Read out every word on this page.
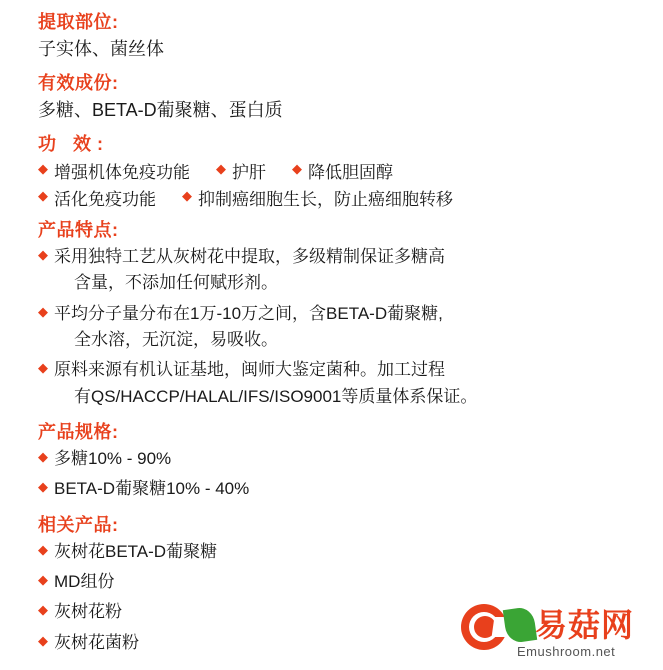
提取部位:
子实体、菌丝体
有效成份:
多糖、BETA-D葡聚糖、蛋白质
功 效:
◆ 增强机体免疫功能 ◆ 护肝 ◆ 降低胆固醇
◆ 活化免疫功能 ◆ 抑制癌细胞生长，防止癌细胞转移
产品特点:
◆ 采用独特工艺从灰树花中提取，多级精制保证多糖高
含量，不添加任何赋形剂。
◆ 平均分子量分布在1万-10万之间，含BETA-D葡聚糖,
全水溶，无沉淀，易吸收。
◆ 原料来源有机认证基地，闽师大鉴定菌种。加工过程
有QS/HACCP/HALAL/IFS/ISO9001等质量体系保证。
产品规格:
◆ 多糖10% - 90%
◆ BETA-D葡聚糖10% - 40%
相关产品:
◆ 灰树花BETA-D葡聚糖
◆ MD组份
◆ 灰树花粉
◆ 灰树花菌粉	易菇网
Emushroom.net
